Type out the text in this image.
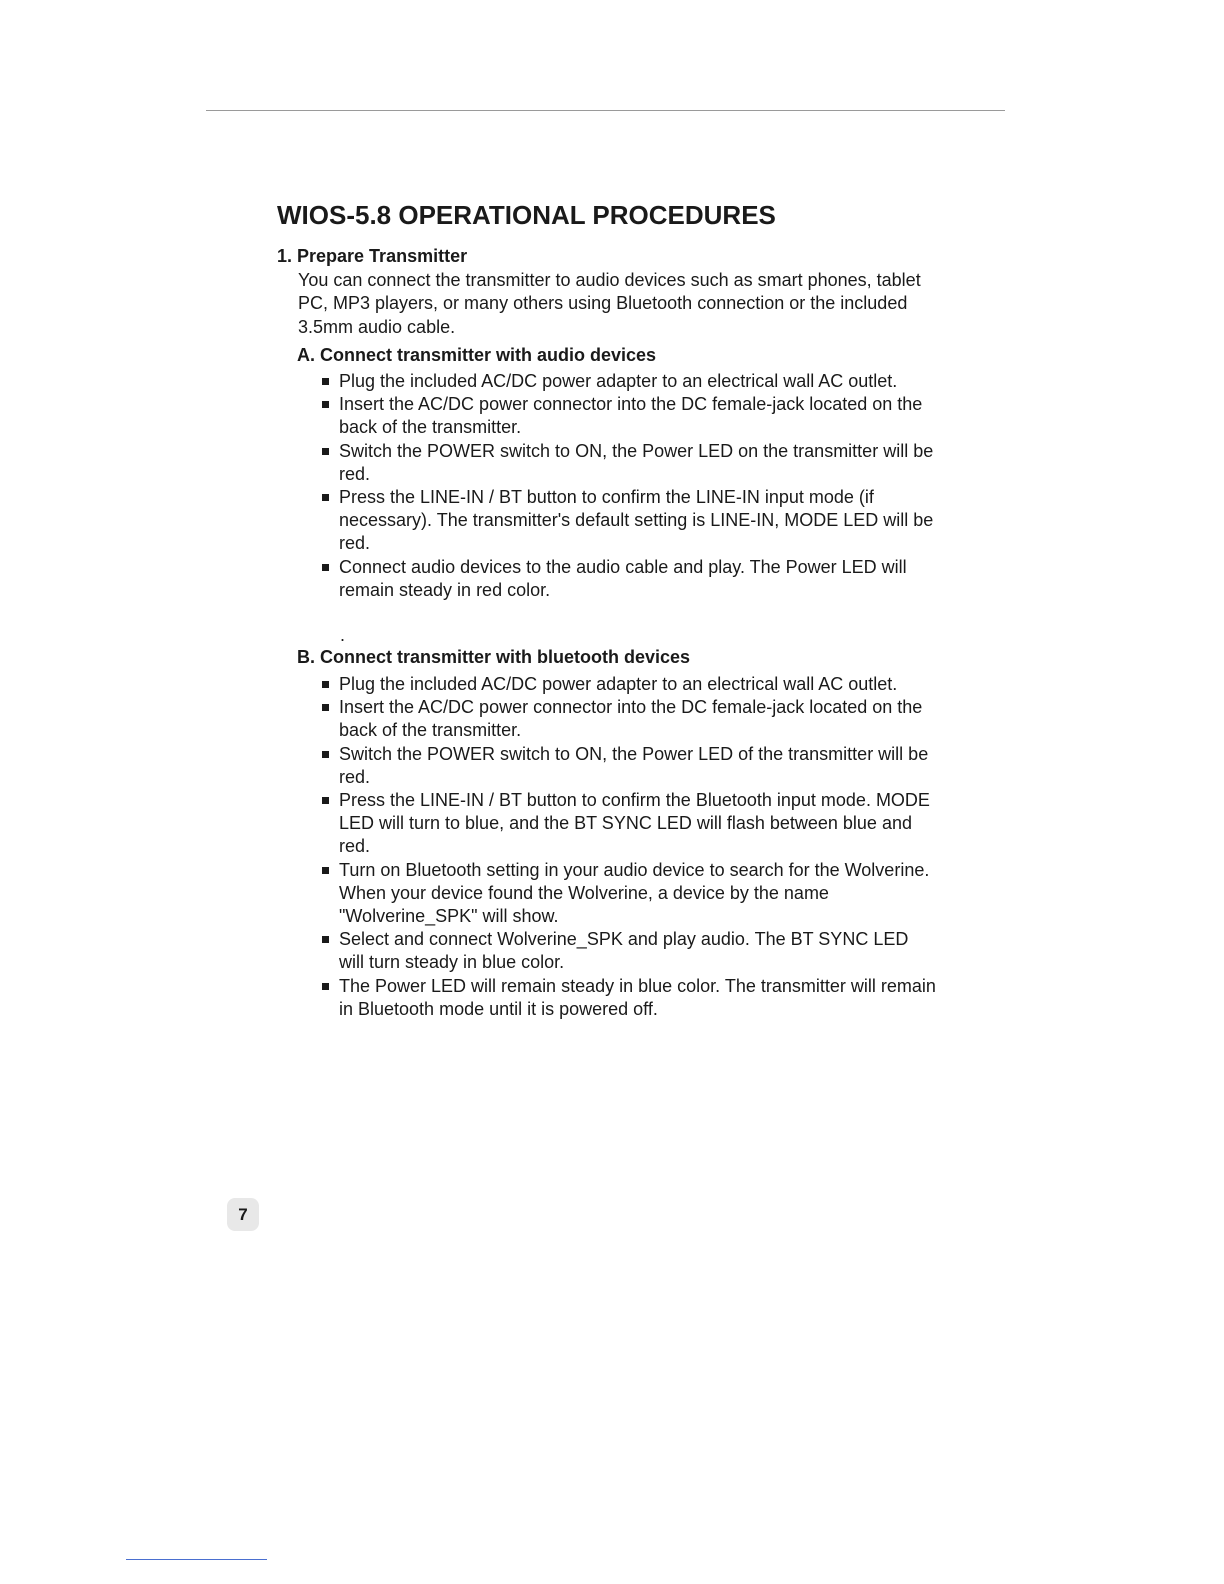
WIOS-5.8 OPERATIONAL PROCEDURES
1. Prepare Transmitter

You can connect the transmitter to audio devices such as smart phones, tablet PC, MP3 players, or many others using Bluetooth connection or the included 3.5mm audio cable.

A. Connect transmitter with audio devices
Plug the included AC/DC power adapter to an electrical wall AC outlet.
Insert the AC/DC power connector into the DC female-jack located on the back of the transmitter.
Switch the POWER switch to ON, the Power LED on the transmitter will be red.
Press the LINE-IN / BT button to confirm the LINE-IN input mode (if necessary). The transmitter's default setting is LINE-IN, MODE LED will be red.
Connect audio devices to the audio cable and play. The Power LED will remain steady in red color.
.
B. Connect transmitter with bluetooth devices
Plug the included AC/DC power adapter to an electrical wall AC outlet.
Insert the AC/DC power connector into the DC female-jack located on the back of the transmitter.
Switch the POWER switch to ON, the Power LED of the transmitter will be red.
Press the LINE-IN / BT button to confirm the Bluetooth input mode. MODE LED will turn to blue, and the BT SYNC LED will flash between blue and red.
Turn on Bluetooth setting in your audio device to search for the Wolverine. When your device found the Wolverine, a device by the name "Wolverine_SPK" will show.
Select and connect Wolverine_SPK and play audio. The BT SYNC LED will turn steady in blue color.
The Power LED will remain steady in blue color. The transmitter will remain in Bluetooth mode until it is powered off.
7
